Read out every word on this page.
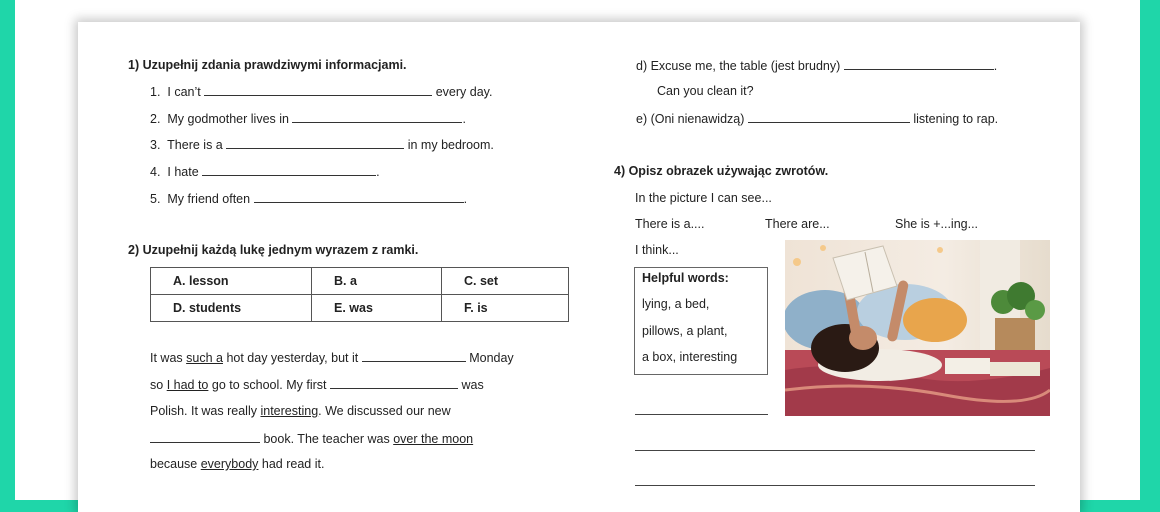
1) Uzupełnij zdania prawdziwymi informacjami.
1. I can’t	every day.
2. My godmother lives in	.
3. There is a	in my bedroom.
4. I hate	.
5. My friend often	.
2) Uzupełnij każdą lukę jednym wyrazem z ramki.
A. lesson	B. a	C. set
D. students	E. was	F. is
It was such a hot day yesterday, but it	Monday
so I had to go to school. My first	was
Polish. It was really interesting. We discussed our new
book. The teacher was over the moon
because everybody had read it.
d) Excuse me, the table (jest brudny)	.
Can you clean it?
e) (Oni nienawidzą)	listening to rap.
4) Opisz obrazek używając zwrotów.
In the picture I can see...
There is a....	There are...	She is +...ing...
I think...
Helpful words:
lying, a bed,
pillows, a plant,
a box, interesting
